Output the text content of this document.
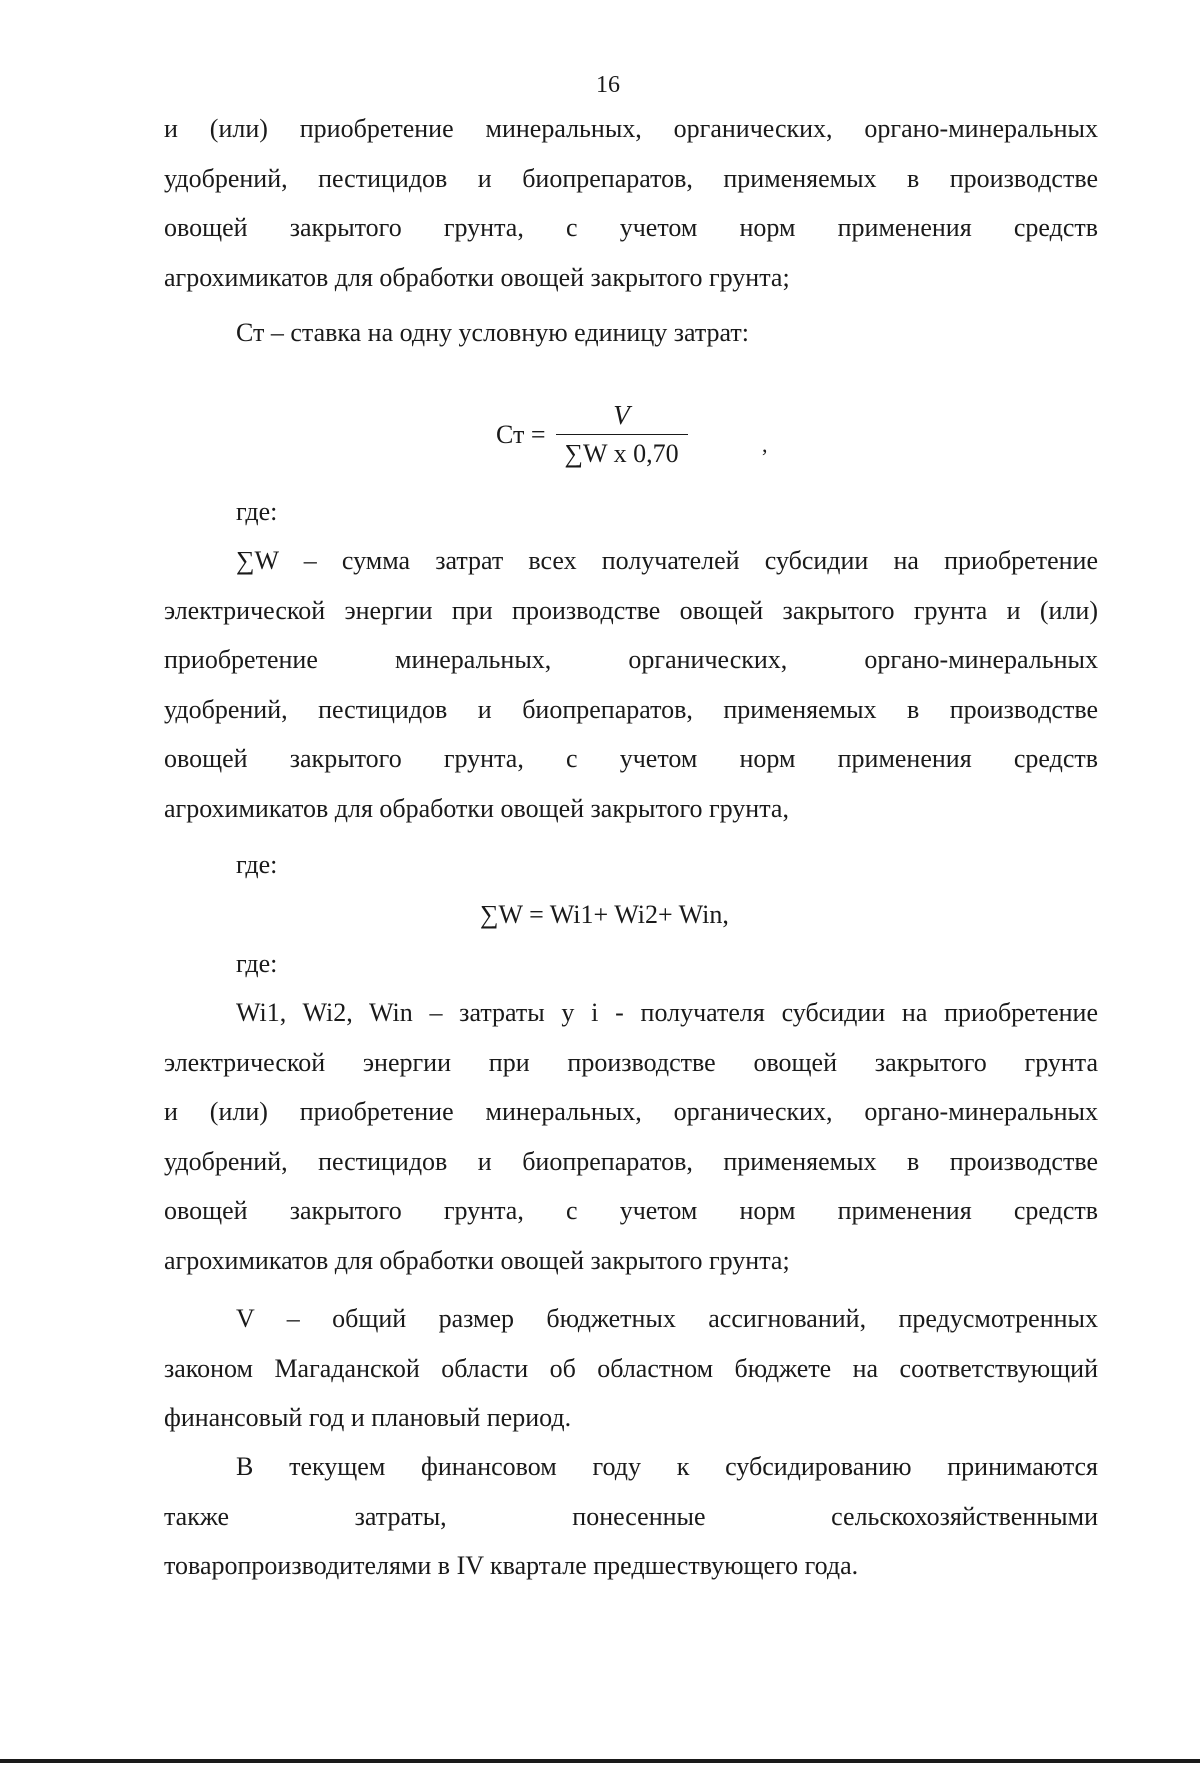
16
и (или) приобретение минеральных, органических, органо-минеральных
удобрений, пестицидов и биопрепаратов, применяемых в производстве
овощей закрытого грунта, с учетом норм применения средств
агрохимикатов для обработки овощей закрытого грунта;
Ст – ставка на одну условную единицу затрат:
Ст = $\frac{V}{\text{∑W x 0,70}}$	,
где:
∑W – сумма затрат всех получателей субсидии на приобретение
электрической энергии при производстве овощей закрытого грунта и (или)
приобретение минеральных, органических, органо-минеральных
удобрений, пестицидов и биопрепаратов, применяемых в производстве
овощей закрытого грунта, с учетом норм применения средств
агрохимикатов для обработки овощей закрытого грунта,
где:
∑W = Wi1+ Wi2+ Win,
где:
Wi1, Wi2, Win – затраты у i - получателя субсидии на приобретение
электрической энергии при производстве овощей закрытого грунта
и (или) приобретение минеральных, органических, органо-минеральных
удобрений, пестицидов и биопрепаратов, применяемых в производстве
овощей закрытого грунта, с учетом норм применения средств
агрохимикатов для обработки овощей закрытого грунта;
V – общий размер бюджетных ассигнований, предусмотренных
законом Магаданской области об областном бюджете на соответствующий
финансовый год и плановый период.
В текущем финансовом году к субсидированию принимаются
также затраты, понесенные сельскохозяйственными
товаропроизводителями в IV квартале предшествующего года.
